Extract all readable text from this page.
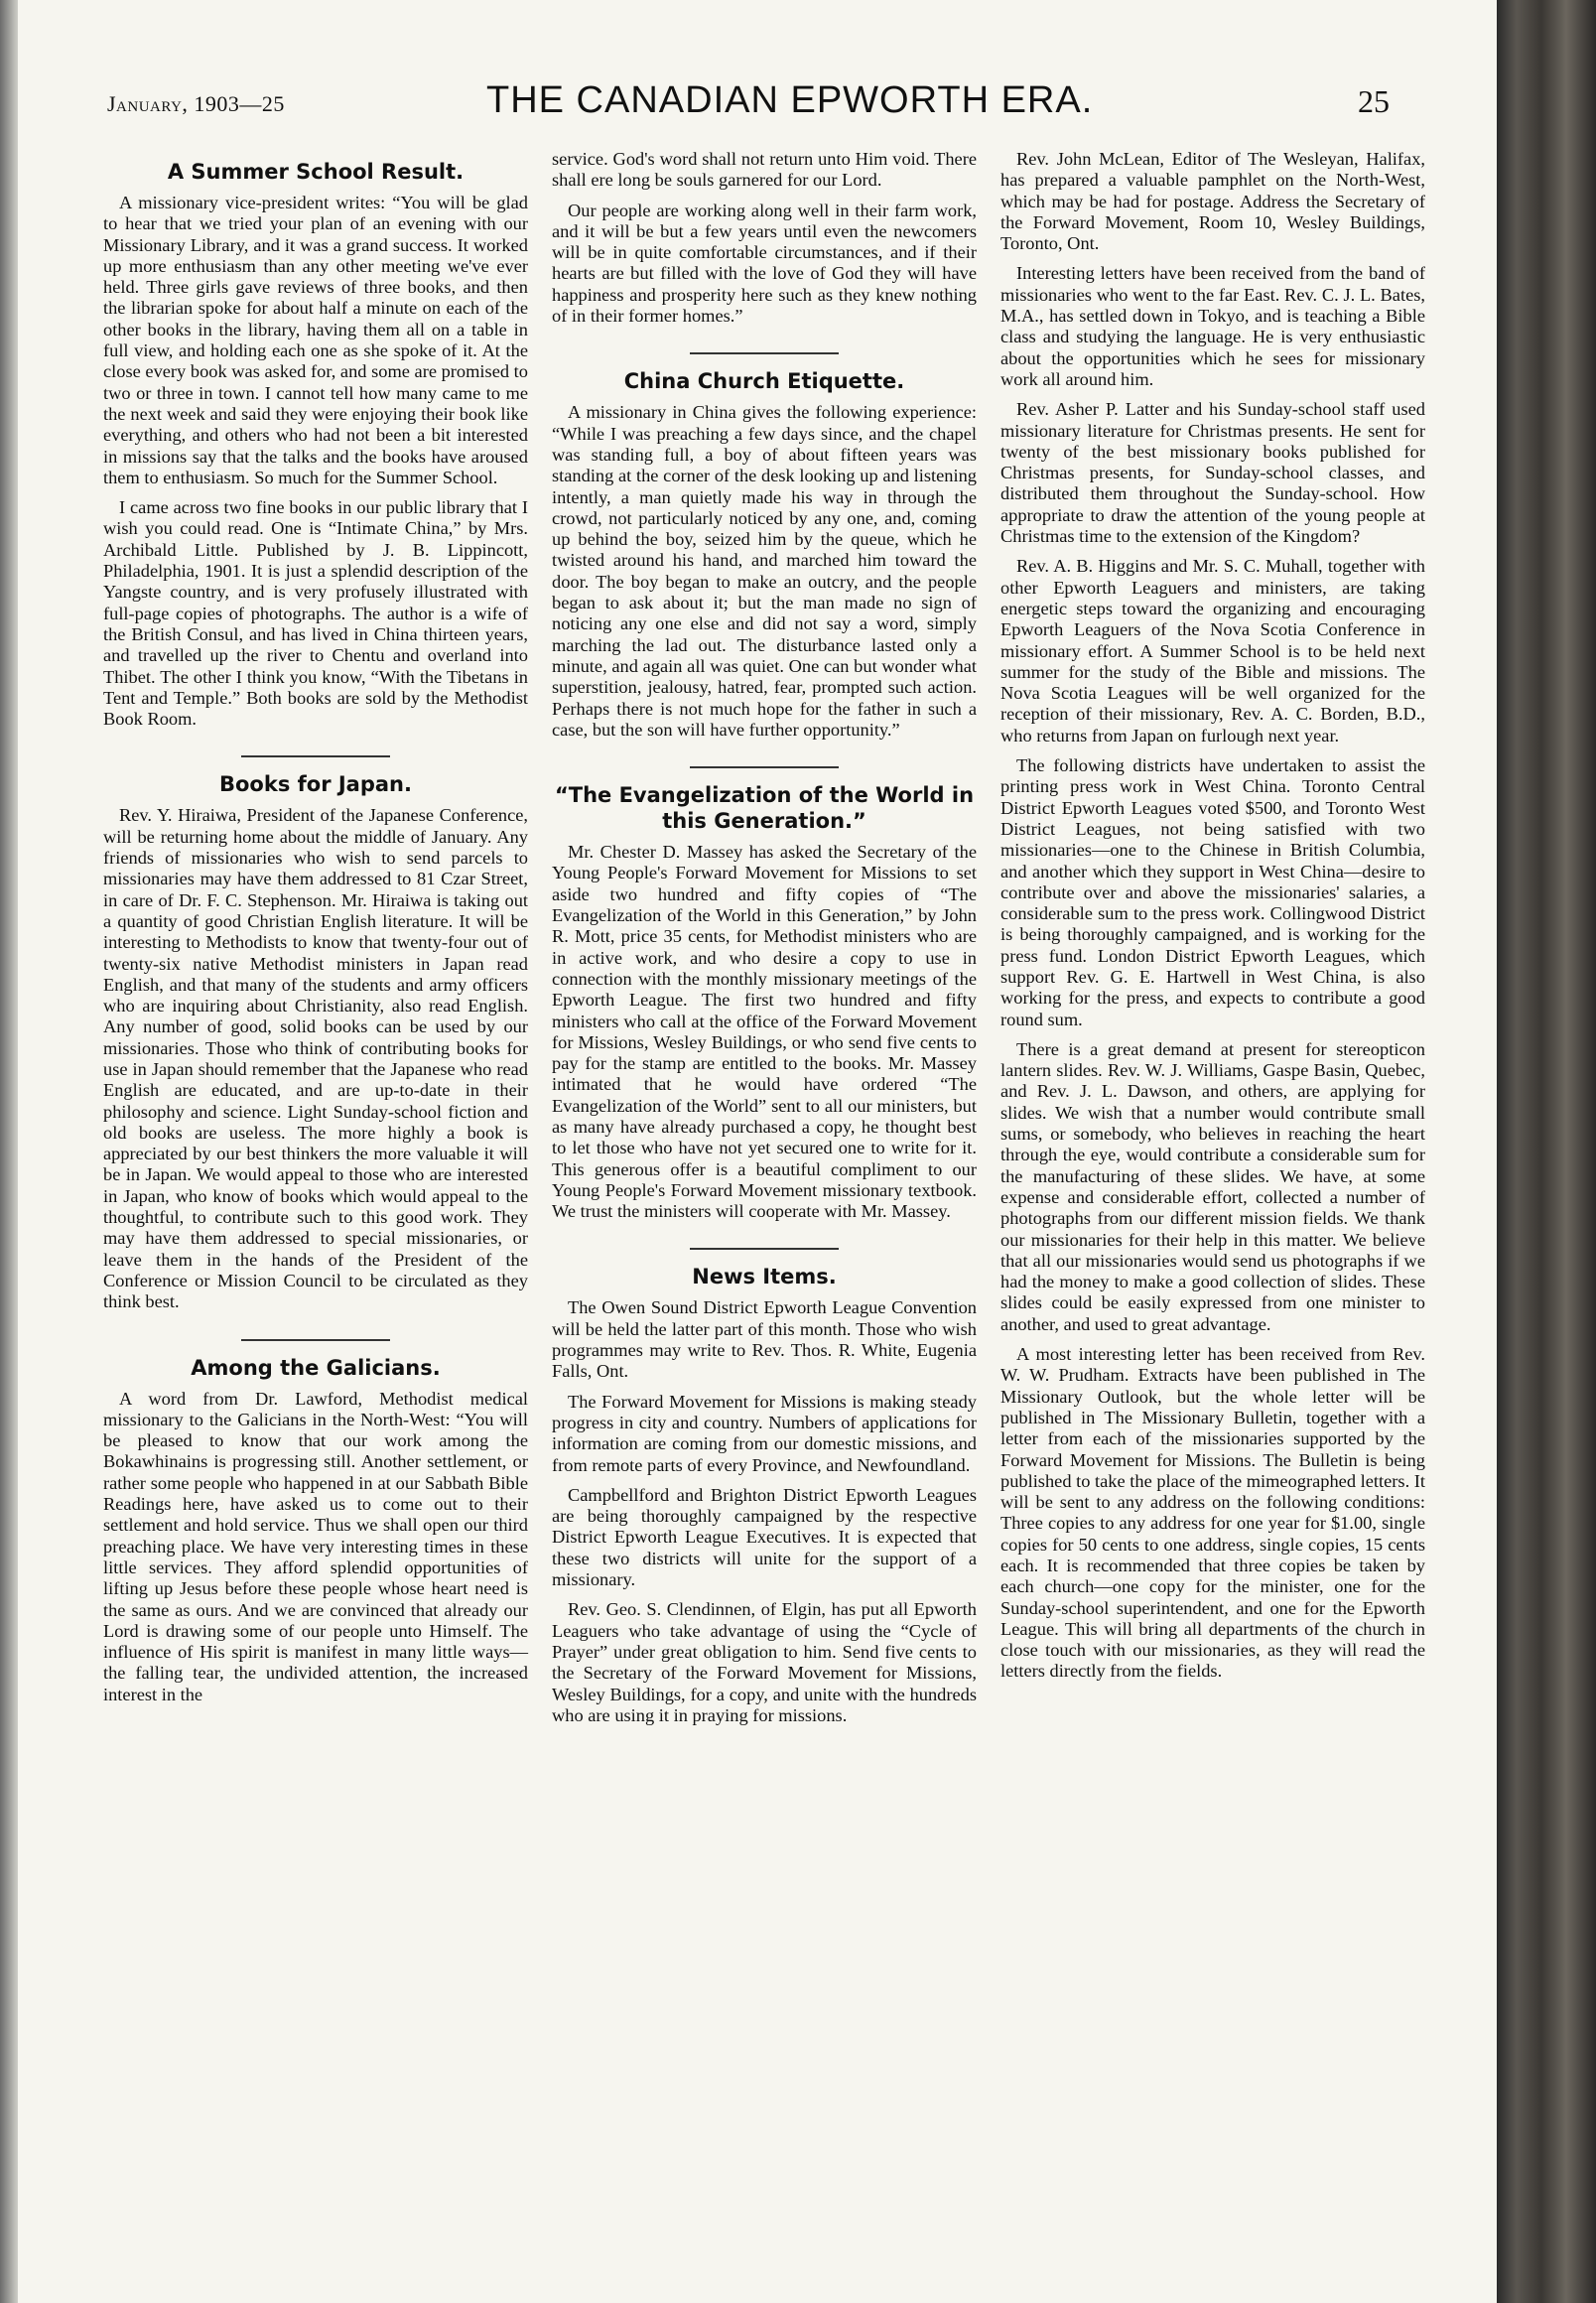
January, 1903—25	THE CANADIAN EPWORTH ERA.	25
A Summer School Result.

A missionary vice-president writes: “You will be glad to hear that we tried your plan of an evening with our Missionary Library, and it was a grand success. It worked up more enthusiasm than any other meeting we've ever held. Three girls gave reviews of three books, and then the librarian spoke for about half a minute on each of the other books in the library, having them all on a table in full view, and holding each one as she spoke of it. At the close every book was asked for, and some are promised to two or three in town. I cannot tell how many came to me the next week and said they were enjoying their book like everything, and others who had not been a bit interested in missions say that the talks and the books have aroused them to enthusiasm. So much for the Summer School.

I came across two fine books in our public library that I wish you could read. One is “Intimate China,” by Mrs. Archibald Little. Published by J. B. Lippincott, Philadelphia, 1901. It is just a splendid description of the Yangste country, and is very profusely illustrated with full-page copies of photographs. The author is a wife of the British Consul, and has lived in China thirteen years, and travelled up the river to Chentu and overland into Thibet. The other I think you know, “With the Tibetans in Tent and Temple.” Both books are sold by the Methodist Book Room.

Books for Japan.

Rev. Y. Hiraiwa, President of the Japanese Conference, will be returning home about the middle of January. Any friends of missionaries who wish to send parcels to missionaries may have them addressed to 81 Czar Street, in care of Dr. F. C. Stephenson. Mr. Hiraiwa is taking out a quantity of good Christian English literature. It will be interesting to Methodists to know that twenty-four out of twenty-six native Methodist ministers in Japan read English, and that many of the students and army officers who are inquiring about Christianity, also read English. Any number of good, solid books can be used by our missionaries. Those who think of contributing books for use in Japan should remember that the Japanese who read English are educated, and are up-to-date in their philosophy and science. Light Sunday-school fiction and old books are useless. The more highly a book is appreciated by our best thinkers the more valuable it will be in Japan. We would appeal to those who are interested in Japan, who know of books which would appeal to the thoughtful, to contribute such to this good work. They may have them addressed to special missionaries, or leave them in the hands of the President of the Conference or Mission Council to be circulated as they think best.

Among the Galicians.

A word from Dr. Lawford, Methodist medical missionary to the Galicians in the North-West: “You will be pleased to know that our work among the Bokawhinains is progressing still. Another settlement, or rather some people who happened in at our Sabbath Bible Readings here, have asked us to come out to their settlement and hold service. Thus we shall open our third preaching place. We have very interesting times in these little services. They afford splendid opportunities of lifting up Jesus before these people whose heart need is the same as ours. And we are convinced that already our Lord is drawing some of our people unto Himself. The influence of His spirit is manifest in many little ways—the falling tear, the undivided attention, the increased interest in the

service. God's word shall not return unto Him void. There shall ere long be souls garnered for our Lord.

Our people are working along well in their farm work, and it will be but a few years until even the newcomers will be in quite comfortable circumstances, and if their hearts are but filled with the love of God they will have happiness and prosperity here such as they knew nothing of in their former homes.”

China Church Etiquette.

A missionary in China gives the following experience: “While I was preaching a few days since, and the chapel was standing full, a boy of about fifteen years was standing at the corner of the desk looking up and listening intently, a man quietly made his way in through the crowd, not particularly noticed by any one, and, coming up behind the boy, seized him by the queue, which he twisted around his hand, and marched him toward the door. The boy began to make an outcry, and the people began to ask about it; but the man made no sign of noticing any one else and did not say a word, simply marching the lad out. The disturbance lasted only a minute, and again all was quiet. One can but wonder what superstition, jealousy, hatred, fear, prompted such action. Perhaps there is not much hope for the father in such a case, but the son will have further opportunity.”

“The Evangelization of the World in this Generation.”

Mr. Chester D. Massey has asked the Secretary of the Young People's Forward Movement for Missions to set aside two hundred and fifty copies of “The Evangelization of the World in this Generation,” by John R. Mott, price 35 cents, for Methodist ministers who are in active work, and who desire a copy to use in connection with the monthly missionary meetings of the Epworth League. The first two hundred and fifty ministers who call at the office of the Forward Movement for Missions, Wesley Buildings, or who send five cents to pay for the stamp are entitled to the books. Mr. Massey intimated that he would have ordered “The Evangelization of the World” sent to all our ministers, but as many have already purchased a copy, he thought best to let those who have not yet secured one to write for it. This generous offer is a beautiful compliment to our Young People's Forward Movement missionary textbook. We trust the ministers will cooperate with Mr. Massey.

News Items.

The Owen Sound District Epworth League Convention will be held the latter part of this month. Those who wish programmes may write to Rev. Thos. R. White, Eugenia Falls, Ont.

The Forward Movement for Missions is making steady progress in city and country. Numbers of applications for information are coming from our domestic missions, and from remote parts of every Province, and Newfoundland.

Campbellford and Brighton District Epworth Leagues are being thoroughly campaigned by the respective District Epworth League Executives. It is expected that these two districts will unite for the support of a missionary.

Rev. Geo. S. Clendinnen, of Elgin, has put all Epworth Leaguers who take advantage of using the “Cycle of Prayer” under great obligation to him. Send five cents to the Secretary of the Forward Movement for Missions, Wesley Buildings, for a copy, and unite with the hundreds who are using it in praying for missions.

Rev. John McLean, Editor of The Wesleyan, Halifax, has prepared a valuable pamphlet on the North-West, which may be had for postage. Address the Secretary of the Forward Movement, Room 10, Wesley Buildings, Toronto, Ont.

Interesting letters have been received from the band of missionaries who went to the far East. Rev. C. J. L. Bates, M.A., has settled down in Tokyo, and is teaching a Bible class and studying the language. He is very enthusiastic about the opportunities which he sees for missionary work all around him.

Rev. Asher P. Latter and his Sunday-school staff used missionary literature for Christmas presents. He sent for twenty of the best missionary books published for Christmas presents, for Sunday-school classes, and distributed them throughout the Sunday-school. How appropriate to draw the attention of the young people at Christmas time to the extension of the Kingdom?

Rev. A. B. Higgins and Mr. S. C. Muhall, together with other Epworth Leaguers and ministers, are taking energetic steps toward the organizing and encouraging Epworth Leaguers of the Nova Scotia Conference in missionary effort. A Summer School is to be held next summer for the study of the Bible and missions. The Nova Scotia Leagues will be well organized for the reception of their missionary, Rev. A. C. Borden, B.D., who returns from Japan on furlough next year.

The following districts have undertaken to assist the printing press work in West China. Toronto Central District Epworth Leagues voted $500, and Toronto West District Leagues, not being satisfied with two missionaries—one to the Chinese in British Columbia, and another which they support in West China—desire to contribute over and above the missionaries' salaries, a considerable sum to the press work. Collingwood District is being thoroughly campaigned, and is working for the press fund. London District Epworth Leagues, which support Rev. G. E. Hartwell in West China, is also working for the press, and expects to contribute a good round sum.

There is a great demand at present for stereopticon lantern slides. Rev. W. J. Williams, Gaspe Basin, Quebec, and Rev. J. L. Dawson, and others, are applying for slides. We wish that a number would contribute small sums, or somebody, who believes in reaching the heart through the eye, would contribute a considerable sum for the manufacturing of these slides. We have, at some expense and considerable effort, collected a number of photographs from our different mission fields. We thank our missionaries for their help in this matter. We believe that all our missionaries would send us photographs if we had the money to make a good collection of slides. These slides could be easily expressed from one minister to another, and used to great advantage.

A most interesting letter has been received from Rev. W. W. Prudham. Extracts have been published in The Missionary Outlook, but the whole letter will be published in The Missionary Bulletin, together with a letter from each of the missionaries supported by the Forward Movement for Missions. The Bulletin is being published to take the place of the mimeographed letters. It will be sent to any address on the following conditions: Three copies to any address for one year for $1.00, single copies for 50 cents to one address, single copies, 15 cents each. It is recommended that three copies be taken by each church—one copy for the minister, one for the Sunday-school superintendent, and one for the Epworth League. This will bring all departments of the church in close touch with our missionaries, as they will read the letters directly from the fields.
